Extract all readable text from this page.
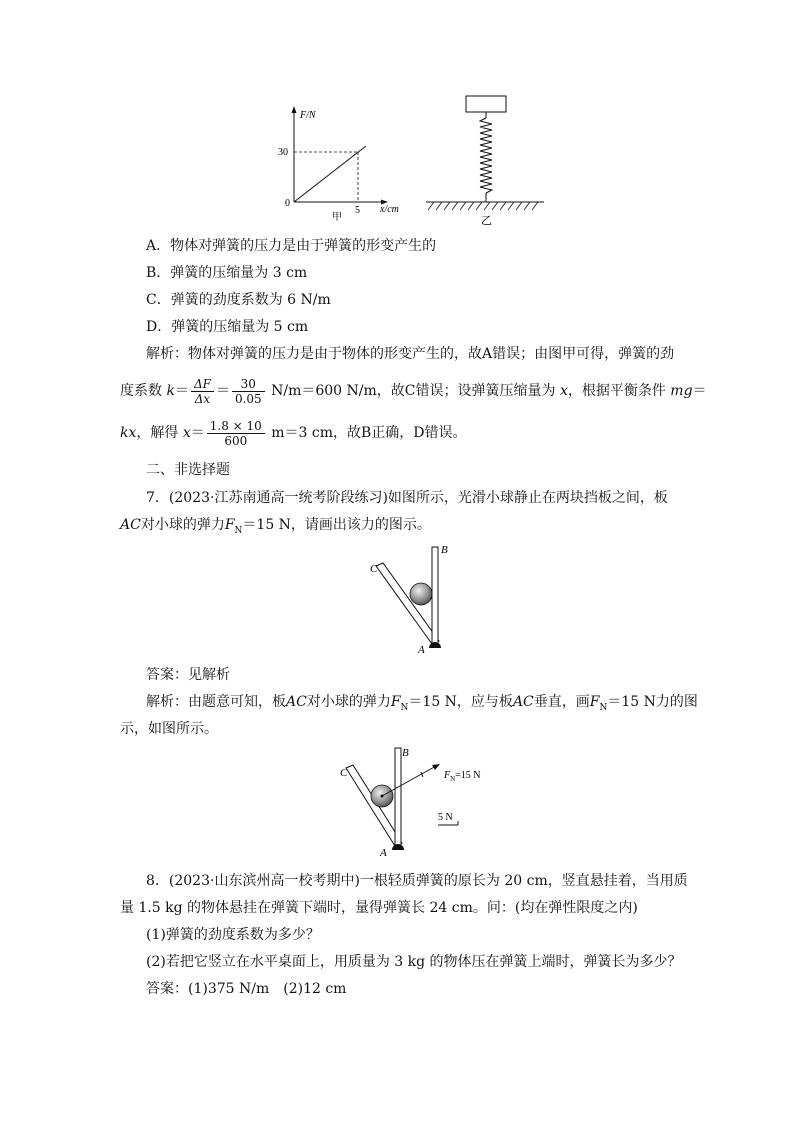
F/N
30
0
5 x/cm
甲	乙
A．物体对弹簧的压力是由于弹簧的形变产生的
B．弹簧的压缩量为 3 cm
C．弹簧的劲度系数为 6 N/m
D．弹簧的压缩量为 5 cm
解析：物体对弹簧的压力是由于物体的形变产生的，故A错误；由图甲可得，弹簧的劲
度系数 $k= \frac{\Delta F}{\Delta x} = \frac{30}{0.05} N/m=600$ N/m，故C错误；设弹簧压缩量为 x，根据平衡条件 mg＝
kx，解得 $x= \frac{1.8 \times 10}{600} m=3$ cm，故B正确，D错误。
二、非选择题
7．(2023·江苏南通高一统考阶段练习)如图所示，光滑小球静止在两块挡板之间，板
AC对小球的弹力$F_N=15$ N，请画出该力的图示。
C
B
A
答案：见解析
解析：由题意可知，板AC对小球的弹力$F_N=15$ N，应与板AC垂直，画$F_N=15$ N力的图
示，如图所示。
C
B
A
$F_N=15$ N
5 N
8．(2023·山东滨州高一校考期中)一根轻质弹簧的原长为 20 cm，竖直悬挂着，当用质
量 1.5 kg 的物体悬挂在弹簧下端时，量得弹簧长 24 cm。问：(均在弹性限度之内)
(1)弹簧的劲度系数为多少？
(2)若把它竖立在水平桌面上，用质量为 3 kg 的物体压在弹簧上端时，弹簧长为多少？
答案：(1)375 N/m　(2)12 cm
